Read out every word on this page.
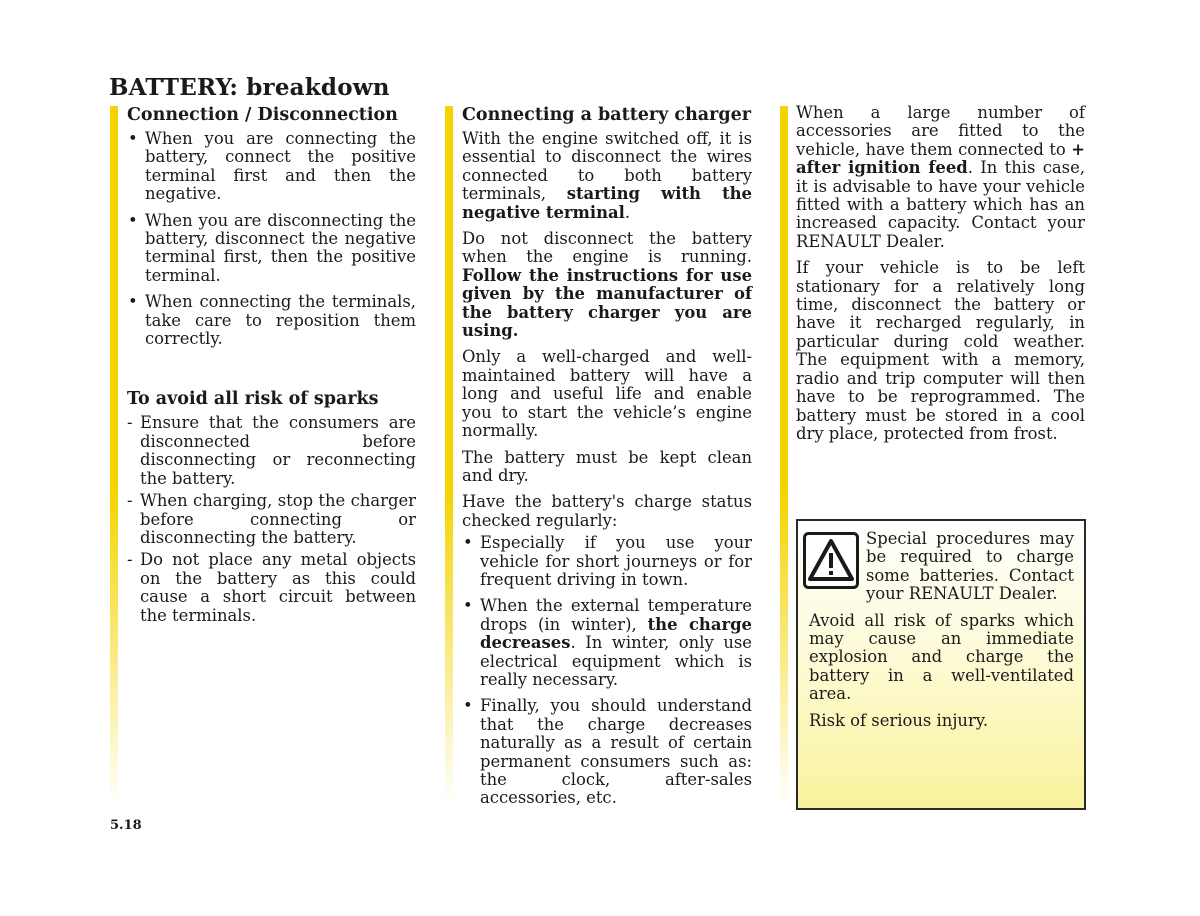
BATTERY: breakdown
Connection / Disconnection
• When you are connecting the battery, connect the positive terminal first and then the negative.
• When you are disconnecting the battery, disconnect the negative terminal first, then the positive terminal.
• When connecting the terminals, take care to reposition them correctly.
To avoid all risk of sparks
- Ensure that the consumers are disconnected before disconnecting or reconnecting the battery.
- When charging, stop the charger before connecting or disconnecting the battery.
- Do not place any metal objects on the battery as this could cause a short circuit between the terminals.
Connecting a battery charger

With the engine switched off, it is essential to disconnect the wires connected to both battery terminals, starting with the negative terminal.

Do not disconnect the battery when the engine is running. Follow the instructions for use given by the manufacturer of the battery charger you are using.

Only a well-charged and well-maintained battery will have a long and useful life and enable you to start the vehicle’s engine normally.

The battery must be kept clean and dry.

Have the battery's charge status checked regularly:

• Especially if you use your vehicle for short journeys or for frequent driving in town.
• When the external temperature drops (in winter), the charge decreases. In winter, only use electrical equipment which is really necessary.
• Finally, you should understand that the charge decreases naturally as a result of certain permanent consumers such as: the clock, after-sales accessories, etc.

When a large number of accessories are fitted to the vehicle, have them connected to + after ignition feed. In this case, it is advisable to have your vehicle fitted with a battery which has an increased capacity. Contact your RENAULT Dealer.

If your vehicle is to be left stationary for a relatively long time, disconnect the battery or have it recharged regularly, in particular during cold weather. The equipment with a memory, radio and trip computer will then have to be reprogrammed. The battery must be stored in a cool dry place, protected from frost.

Special procedures may be required to charge some batteries. Contact your RENAULT Dealer.

Avoid all risk of sparks which may cause an immediate explosion and charge the battery in a well-ventilated area.

Risk of serious injury.

5.18
